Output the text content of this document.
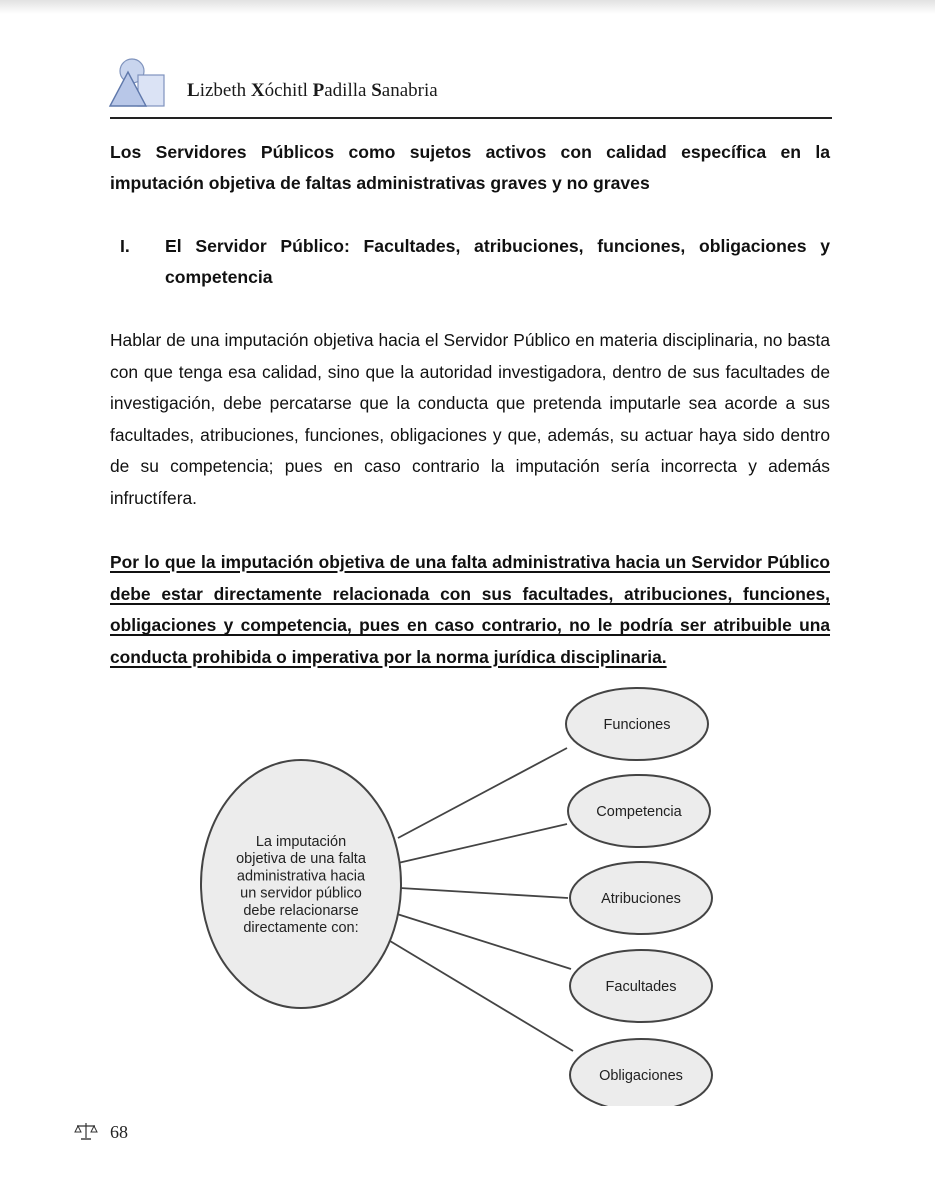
Lizbeth Xóchitl Padilla Sanabria
Los Servidores Públicos como sujetos activos con calidad específica en la imputación objetiva de faltas administrativas graves y no graves
I. El Servidor Público: Facultades, atribuciones, funciones, obligaciones y competencia
Hablar de una imputación objetiva hacia el Servidor Público en materia disciplinaria, no basta con que tenga esa calidad, sino que la autoridad investigadora, dentro de sus facultades de investigación, debe percatarse que la conducta que pretenda imputarle sea acorde a sus facultades, atribuciones, funciones, obligaciones y que, además, su actuar haya sido dentro de su competencia; pues en caso contrario la imputación sería incorrecta y además infructífera.
Por lo que la imputación objetiva de una falta administrativa hacia un Servidor Público debe estar directamente relacionada con sus facultades, atribuciones, funciones, obligaciones y competencia, pues en caso contrario, no le podría ser atribuible una conducta prohibida o imperativa por la norma jurídica disciplinaria.
La imputación objetiva de una falta administrativa hacia un servidor público debe relacionarse directamente con:
Funciones
Competencia
Atribuciones
Facultades
Obligaciones
68
